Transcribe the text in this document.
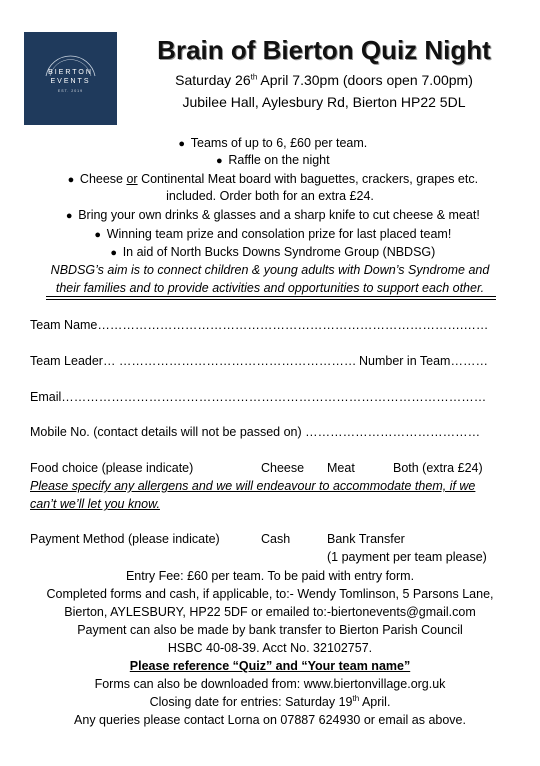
BIERTON
EVENTS
EST. 2019
Brain of Bierton Quiz Night
Saturday 26th April 7.30pm (doors open 7.00pm)
Jubilee Hall, Aylesbury Rd, Bierton HP22 5DL
● Teams of up to 6, £60 per team.
● Raffle on the night
● Cheese or Continental Meat board with baguettes, crackers, grapes etc.
included. Order both for an extra £24.
● Bring your own drinks & glasses and a sharp knife to cut cheese & meat!
● Winning team prize and consolation prize for last placed team!
● In aid of North Bucks Downs Syndrome Group (NBDSG)
NBDSG’s aim is to connect children & young adults with Down’s Syndrome and
their families and to provide activities and opportunities to support each other.
Team Name…………………………………………………………………………….……
Team Leader… ………………………………………………… Number in Team………
Email…………………………………………………………………………………………
Mobile No. (contact details will not be passed on) ……………………………………
Food choice (please indicate)	Cheese Meat	Both (extra £24)
Please specify any allergens and we will endeavour to accommodate them, if we
can’t we’ll let you know.
Payment Method (please indicate)	Cash	Bank Transfer
(1 payment per team please)
Entry Fee: £60 per team. To be paid with entry form.
Completed forms and cash, if applicable, to:- Wendy Tomlinson, 5 Parsons Lane,
Bierton, AYLESBURY, HP22 5DF or emailed to:-biertonevents@gmail.com
Payment can also be made by bank transfer to Bierton Parish Council
HSBC 40-08-39. Acct No. 32102757.
Please reference “Quiz” and “Your team name”
Forms can also be downloaded from: www.biertonvillage.org.uk
Closing date for entries: Saturday 19th April.
Any queries please contact Lorna on 07887 624930 or email as above.
